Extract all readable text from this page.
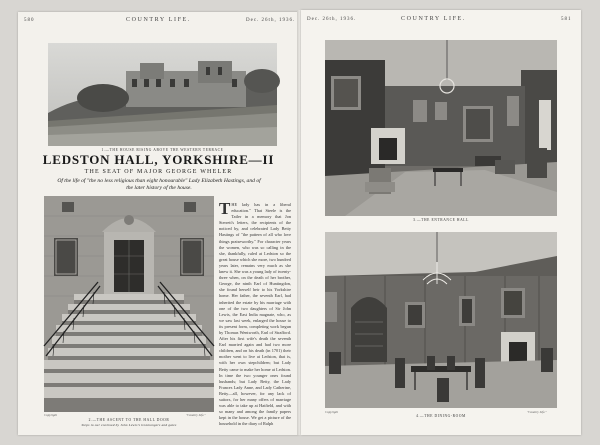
580	COUNTRY LIFE.	Dec. 26th, 1936.
1.—THE HOUSE RISING ABOVE THE WESTERN TERRACE
LEDSTON HALL, YORKSHIRE—II
THE SEAT OF MAJOR GEORGE WHELER
Of the life of "the no less religious than eight honourable" Lady Elizabeth Hastings, and of the later history of the house.
Copyright	"Country Life."
2.—THE ASCENT TO THE HALL DOOR
Steps to our enclosed by John Lewis's ironmongers and gates
THE lady has in a liberal education." That Steele is the Tatler in a memory that Jon Sterrett's letters, the recipients of the noticed by, and celebrated Lady Betty Hastings of "the pattern of all who love things praiseworthy." For character years the women, who was so calling in the she, thankfully, ruled at Ledston so the great house which she more, two hundred years later, remains very much as she knew it. She was a young lady of twenty-three when, on the death of her brother, George, the ninth Earl of Huntingdon, she found herself heir to his Yorkshire home. Her father, the seventh Earl, had inherited the estate by his marriage with one of the two daughters of Sir John Lewis, the East India magnate, who, as we saw last week, enlarged the house to its present form, completing work begun by Thomas Wentworth, Earl of Strafford. After his first wife's death the seventh Earl married again and had two more children, and on his death (in 1701) their mother went to live at Ledston, that is, with her own stepchildren; but Lady Betty came to make her home at Ledston. In time the two younger ones found husbands; but Lady Betty, the Lady Frances Lady Anne, and Lady Catherine, Betty—all, however, for any lack of suitors, for her many offers of marriage was able to take up at Hatfield, and with so many and among the family papers kept in the house. We get a picture of the household in the diary of Ralph
Dec. 26th, 1936.	COUNTRY LIFE.	581
3.—THE ENTRANCE HALL
Copyright	"Country Life."
4.—THE DINING-ROOM
